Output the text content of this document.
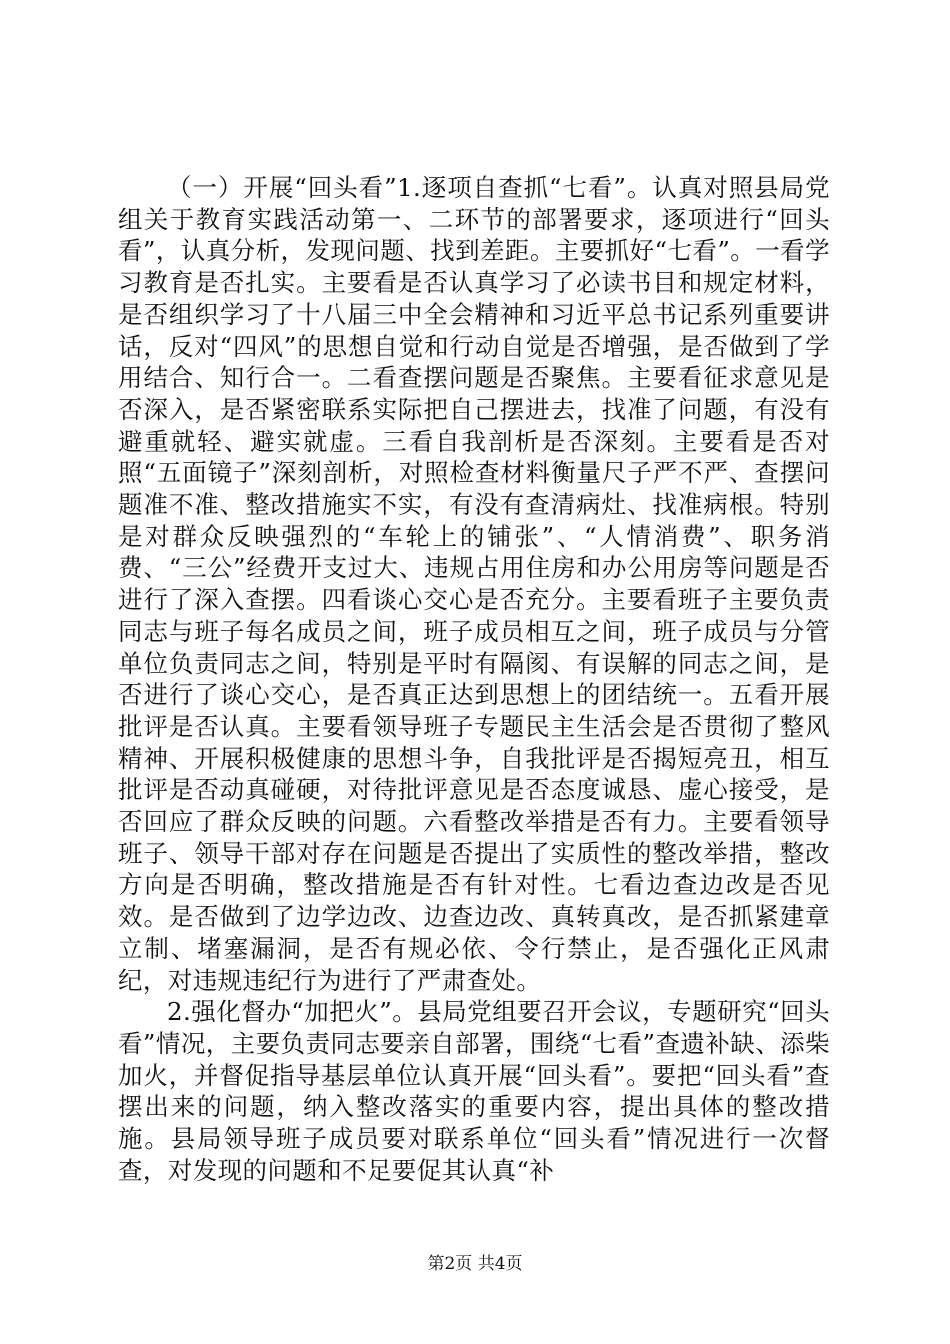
（一）开展“回头看”1.逐项自查抓“七看”。认真对照县局党组关于教育实践活动第一、二环节的部署要求，逐项进行“回头看”，认真分析，发现问题、找到差距。主要抓好“七看”。一看学习教育是否扎实。主要看是否认真学习了必读书目和规定材料，是否组织学习了十八届三中全会精神和习近平总书记系列重要讲话，反对“四风”的思想自觉和行动自觉是否增强，是否做到了学用结合、知行合一。二看查摆问题是否聚焦。主要看征求意见是否深入，是否紧密联系实际把自己摆进去，找准了问题，有没有避重就轻、避实就虚。三看自我剖析是否深刻。主要看是否对照“五面镜子”深刻剖析，对照检查材料衡量尺子严不严、查摆问题准不准、整改措施实不实，有没有查清病灶、找准病根。特别是对群众反映强烈的“车轮上的铺张”、“人情消费”、职务消费、“三公”经费开支过大、违规占用住房和办公用房等问题是否进行了深入查摆。四看谈心交心是否充分。主要看班子主要负责同志与班子每名成员之间，班子成员相互之间，班子成员与分管单位负责同志之间，特别是平时有隔阂、有误解的同志之间，是否进行了谈心交心，是否真正达到思想上的团结统一。五看开展批评是否认真。主要看领导班子专题民主生活会是否贯彻了整风精神、开展积极健康的思想斗争，自我批评是否揭短亮丑，相互批评是否动真碰硬，对待批评意见是否态度诚恳、虚心接受，是否回应了群众反映的问题。六看整改举措是否有力。主要看领导班子、领导干部对存在问题是否提出了实质性的整改举措，整改方向是否明确，整改措施是否有针对性。七看边查边改是否见效。是否做到了边学边改、边查边改、真转真改，是否抓紧建章立制、堵塞漏洞，是否有规必依、令行禁止，是否强化正风肃纪，对违规违纪行为进行了严肃查处。

2.强化督办“加把火”。县局党组要召开会议，专题研究“回头看”情况，主要负责同志要亲自部署，围绕“七看”查遗补缺、添柴加火，并督促指导基层单位认真开展“回头看”。要把“回头看”查摆出来的问题，纳入整改落实的重要内容，提出具体的整改措施。县局领导班子成员要对联系单位“回头看”情况进行一次督查，对发现的问题和不足要促其认真“补

第2页 共4页
